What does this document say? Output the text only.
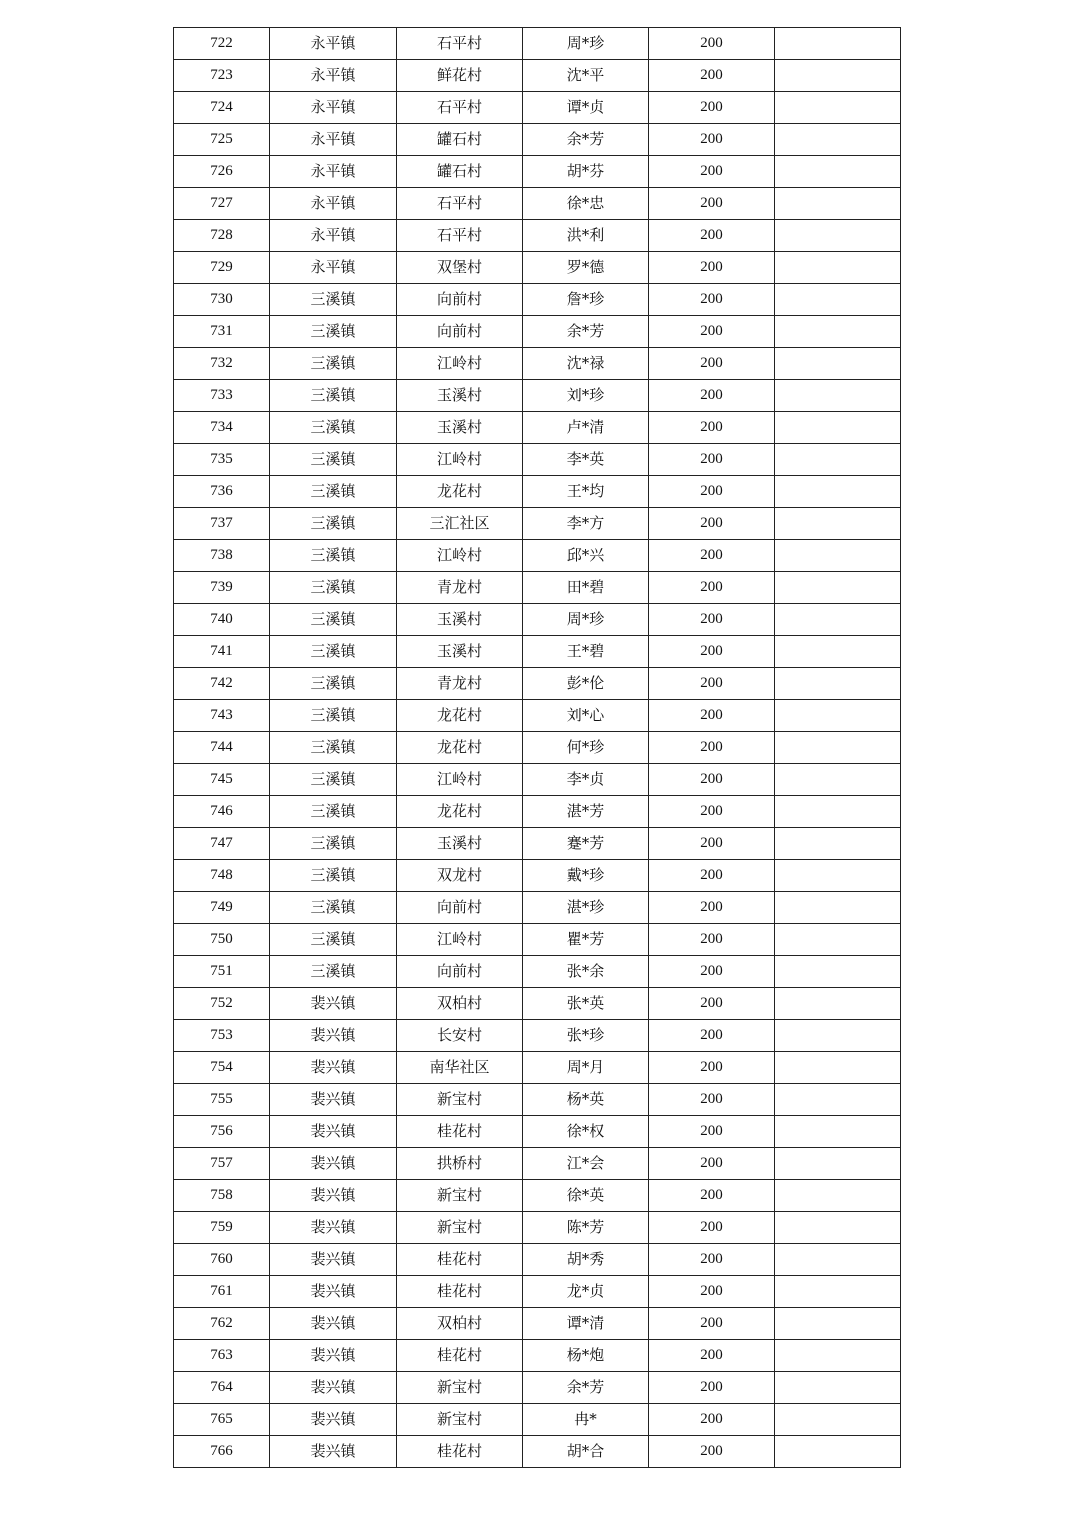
722	永平镇	石平村	周*珍	200	
723	永平镇	鲜花村	沈*平	200	
724	永平镇	石平村	谭*贞	200	
725	永平镇	罐石村	余*芳	200	
726	永平镇	罐石村	胡*芬	200	
727	永平镇	石平村	徐*忠	200	
728	永平镇	石平村	洪*利	200	
729	永平镇	双堡村	罗*德	200	
730	三溪镇	向前村	詹*珍	200	
731	三溪镇	向前村	余*芳	200	
732	三溪镇	江岭村	沈*禄	200	
733	三溪镇	玉溪村	刘*珍	200	
734	三溪镇	玉溪村	卢*清	200	
735	三溪镇	江岭村	李*英	200	
736	三溪镇	龙花村	王*均	200	
737	三溪镇	三汇社区	李*方	200	
738	三溪镇	江岭村	邱*兴	200	
739	三溪镇	青龙村	田*碧	200	
740	三溪镇	玉溪村	周*珍	200	
741	三溪镇	玉溪村	王*碧	200	
742	三溪镇	青龙村	彭*伦	200	
743	三溪镇	龙花村	刘*心	200	
744	三溪镇	龙花村	何*珍	200	
745	三溪镇	江岭村	李*贞	200	
746	三溪镇	龙花村	湛*芳	200	
747	三溪镇	玉溪村	蹇*芳	200	
748	三溪镇	双龙村	戴*珍	200	
749	三溪镇	向前村	湛*珍	200	
750	三溪镇	江岭村	瞿*芳	200	
751	三溪镇	向前村	张*余	200	
752	裴兴镇	双柏村	张*英	200	
753	裴兴镇	长安村	张*珍	200	
754	裴兴镇	南华社区	周*月	200	
755	裴兴镇	新宝村	杨*英	200	
756	裴兴镇	桂花村	徐*权	200	
757	裴兴镇	拱桥村	江*会	200	
758	裴兴镇	新宝村	徐*英	200	
759	裴兴镇	新宝村	陈*芳	200	
760	裴兴镇	桂花村	胡*秀	200	
761	裴兴镇	桂花村	龙*贞	200	
762	裴兴镇	双柏村	谭*清	200	
763	裴兴镇	桂花村	杨*炮	200	
764	裴兴镇	新宝村	余*芳	200	
765	裴兴镇	新宝村	冉*	200	
766	裴兴镇	桂花村	胡*合	200	
